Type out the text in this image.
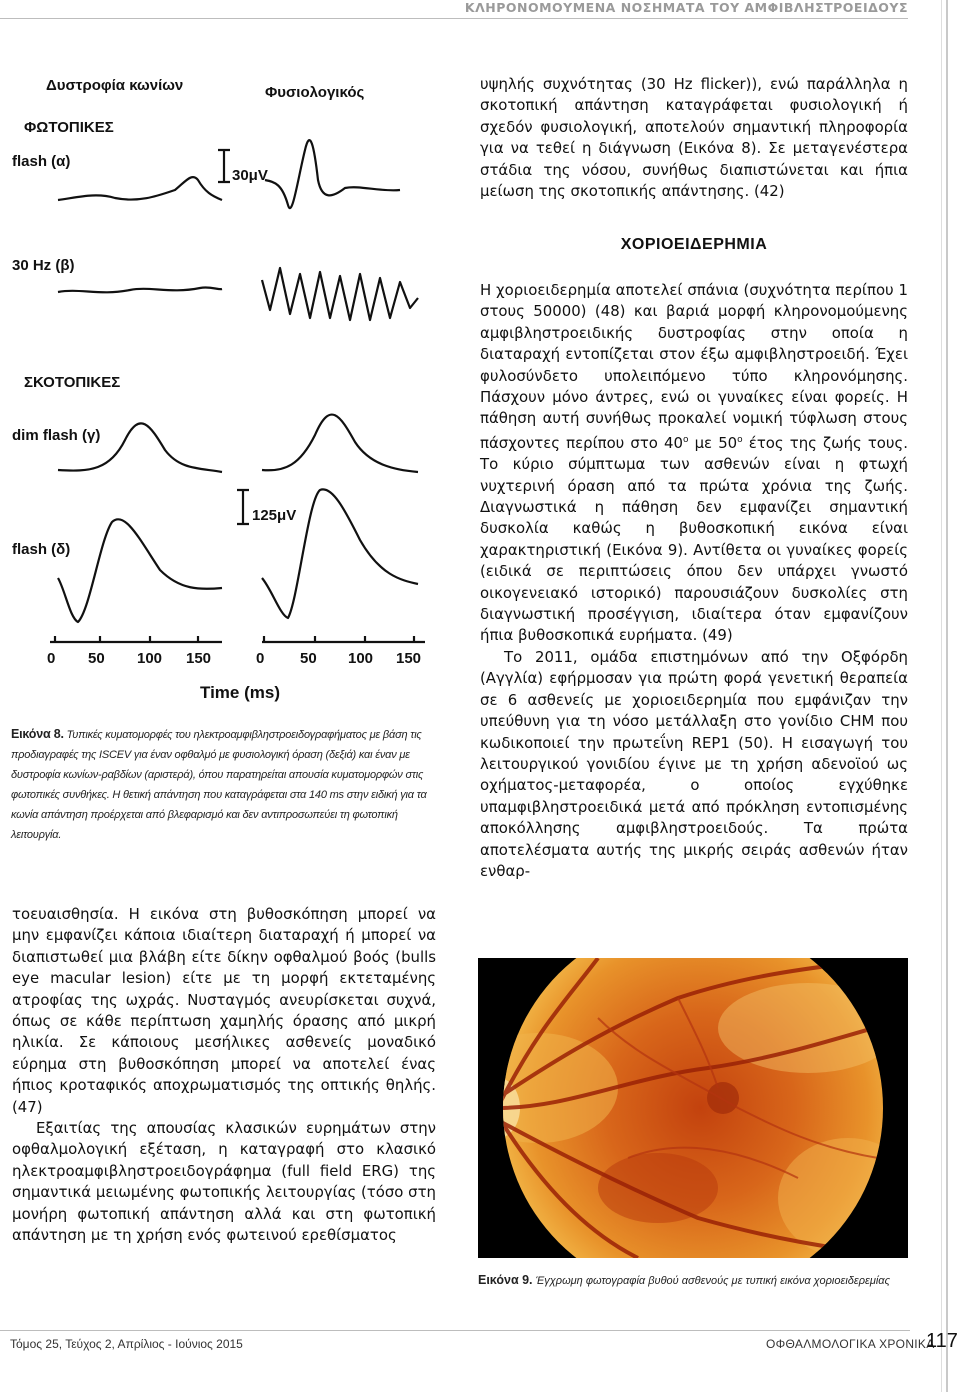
ΚΛΗΡΟΝΟΜΟΥΜΕΝΑ ΝΟΣΗΜΑΤΑ ΤΟΥ ΑΜΦΙΒΛΗΣΤΡΟΕΙΔΟΥΣ
Δυστροφία κωνίων	Φυσιολογικός
ΦΩΤΟΠΙΚΕΣ
flash (α)
30μV
30 Hz (β)
ΣΚΟΤΟΠΙΚΕΣ
dim flash (γ)
125μV
flash (δ)
0 50 100 150	0 50 100 150
Time (ms)
Εικόνα 8. Τυπικές κυματομορφές του ηλεκτροαμφιβληστροειδογραφήματος με βάση τις προδιαγραφές της ISCEV για έναν οφθαλμό με φυσιολογική όραση (δεξιά) και έναν με δυστροφία κωνίων-ραβδίων (αριστερά), όπου παρατηρείται απουσία κυματομορφών στις φωτοπικές συνθήκες. Η θετική απάντηση που καταγράφεται στα 140 ms στην ειδική για τα κωνία απάντηση προέρχεται από βλεφαρισμό και δεν αντιπροσωπεύει τη φωτοπική λειτουργία.

υψηλής συχνότητας (30 Hz flicker)), ενώ παράλληλα η σκοτοπική απάντηση καταγράφεται φυσιολογική ή σχεδόν φυσιολογική, αποτελούν σημαντική πληροφορία για να τεθεί η διάγνωση (Εικόνα 8). Σε μεταγενέστερα στάδια της νόσου, συνήθως διαπιστώνεται και ήπια μείωση της σκοτοπικής απάντησης. (42)

ΧΟΡΙΟΕΙΔΕΡΗΜΙΑ

Η χοριοειδερημία αποτελεί σπάνια (συχνότητα περίπου 1 στους 50000) (48) και βαριά μορφή κληρονομούμενης αμφιβληστροειδικής δυστροφίας στην οποία η διαταραχή εντοπίζεται στον έξω αμφιβληστροειδή. Έχει φυλοσύνδετο υπολειπόμενο τύπο κληρονόμησης. Πάσχουν μόνο άντρες, ενώ οι γυναίκες είναι φορείς. Η πάθηση αυτή συνήθως προκαλεί νομική τύφλωση στους πάσχοντες περίπου στο $40^o$ με $50^o$ έτος της ζωής τους. Το κύριο σύμπτωμα των ασθενών είναι η φτωχή νυχτερινή όραση από τα πρώτα χρόνια της ζωής. Διαγνωστικά η πάθηση δεν εμφανίζει σημαντική δυσκολία καθώς η βυθοσκοπική εικόνα είναι χαρακτηριστική (Εικόνα 9). Αντίθετα οι γυναίκες φορείς (ειδικά σε περιπτώσεις όπου δεν υπάρχει γνωστό οικογενειακό ιστορικό) παρουσιάζουν δυσκολίες στη διαγνωστική προσέγγιση, ιδιαίτερα όταν εμφανίζουν ήπια βυθοσκοπικά ευρήματα. (49)

Το 2011, ομάδα επιστημόνων από την Οξφόρδη (Αγγλία) εφήρμοσαν για πρώτη φορά γενετική θεραπεία σε 6 ασθενείς με χοριοειδερημία που εμφάνιζαν την υπεύθυνη για τη νόσο μετάλλαξη στο γονίδιο CHM που κωδικοποιεί την πρωτεΐνη REP1 (50). Η εισαγωγή του λειτουργικού γονιδίου έγινε με τη χρήση αδενοϊού ως οχήματος-μεταφορέα, ο οποίος εγχύθηκε υπαμφιβληστροειδικά μετά από πρόκληση εντοπισμένης αποκόλλησης αμφιβληστροειδούς. Τα πρώτα αποτελέσματα αυτής της μικρής σειράς ασθενών ήταν ενθαρ-

τοευαισθησία. Η εικόνα στη βυθοσκόπηση μπορεί να μην εμφανίζει κάποια ιδιαίτερη διαταραχή ή μπορεί να διαπιστωθεί μια βλάβη είτε δίκην οφθαλμού βοός (bulls eye macular lesion) είτε με τη μορφή εκτεταμένης ατροφίας της ωχράς. Νυσταγμός ανευρίσκεται συχνά, όπως σε κάθε περίπτωση χαμηλής όρασης από μικρή ηλικία. Σε κάποιους μεσήλικες ασθενείς μοναδικό εύρημα στη βυθοσκόπηση μπορεί να αποτελεί ένας ήπιος κροταφικός αποχρωματισμός της οπτικής θηλής. (47)

Εξαιτίας της απουσίας κλασικών ευρημάτων στην οφθαλμολογική εξέταση, η καταγραφή στο κλασικό ηλεκτροαμφιβληστροειδογράφημα (full field ERG) της σημαντικά μειωμένης φωτοπικής λειτουργίας (τόσο στη μονήρη φωτοπική απάντηση αλλά και στη φωτοπική απάντηση με τη χρήση ενός φωτεινού ερεθίσματος

Εικόνα 9. Έγχρωμη φωτογραφία βυθού ασθενούς με τυπική εικόνα χοριοειδερεμίας
Τόμος 25, Τεύχος 2, Απρίλιος - Ιούνιος 2015	ΟΦΘΑΛΜΟΛΟΓΙΚΑ ΧΡΟΝΙΚΑ
117
